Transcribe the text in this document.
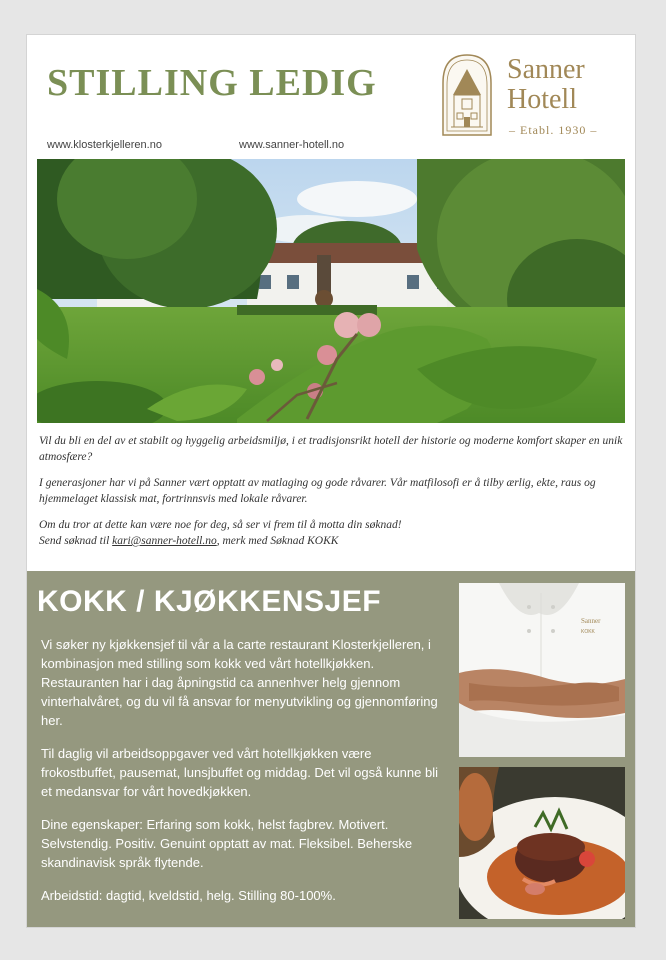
STILLING LEDIG
www.klosterkjelleren.no	www.sanner-hotell.no
Sanner
Hotell
– Etabl. 1930 –

Vil du bli en del av et stabilt og hyggelig arbeidsmiljø, i et tradisjonsrikt hotell der historie og moderne komfort skaper en unik atmosfære?

I generasjoner har vi på Sanner vært opptatt av matlaging og gode råvarer. Vår matfilosofi er å tilby ærlig, ekte, raus og hjemmelaget klassisk mat, fortrinnsvis med lokale råvarer.

Om du tror at dette kan være noe for deg, så ser vi frem til å motta din søknad!
Send søknad til kari@sanner-hotell.no, merk med Søknad KOKK

KOKK / KJØKKENSJEF

Vi søker ny kjøkkensjef til vår a la carte restaurant Klosterkjelleren, i kombinasjon med stilling som kokk ved vårt hotellkjøkken. Restauranten har i dag åpningstid ca annenhver helg gjennom vinterhalvåret, og du vil få ansvar for menyutvikling og gjennomføring her.

Til daglig vil arbeidsoppgaver ved vårt hotellkjøkken være frokostbuffet, pausemat, lunsjbuffet og middag. Det vil også kunne bli et medansvar for vårt hovedkjøkken.

Dine egenskaper: Erfaring som kokk, helst fagbrev. Motivert. Selvstendig. Positiv. Genuint opptatt av mat. Fleksibel. Beherske skandinavisk språk flytende.

Arbeidstid: dagtid, kveldstid, helg. Stilling 80-100%.

Sanner
KOKK
